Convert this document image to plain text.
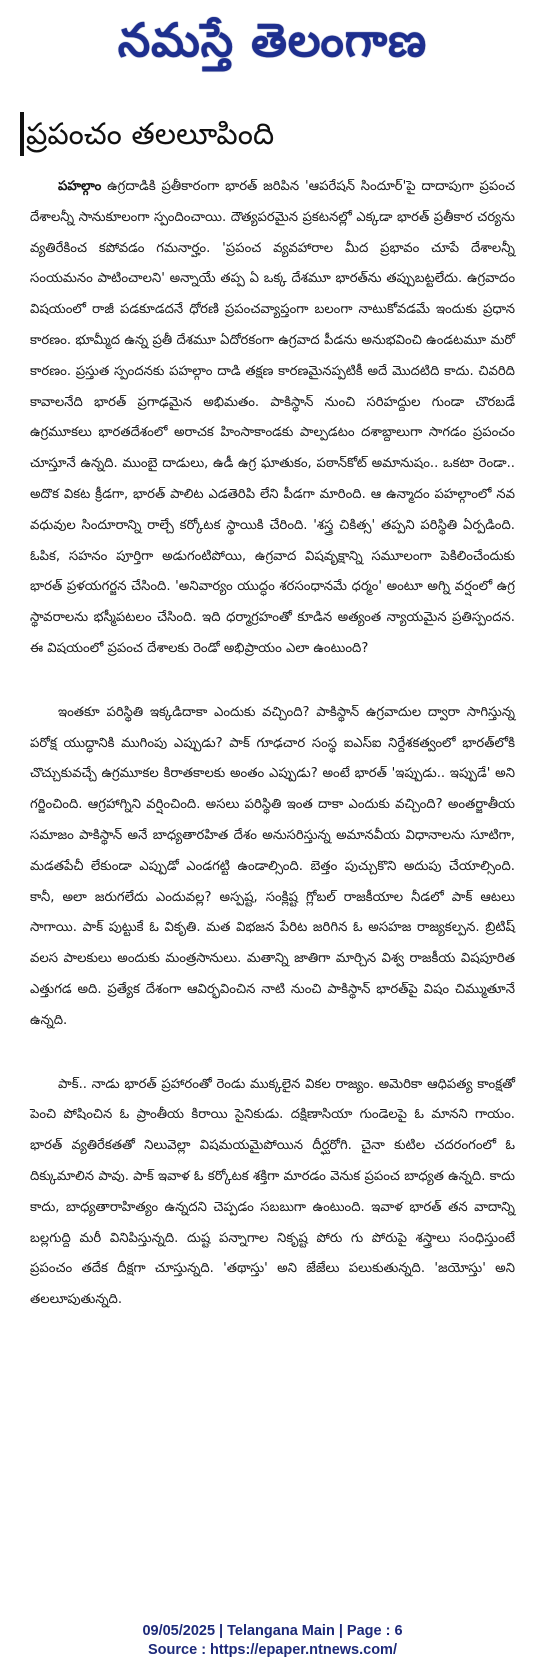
నమస్తే తెలంగాణ
ప్రపంచం తలలూపింది

పహల్గాం ఉగ్రదాడికి ప్రతీకారంగా భారత్ జరిపిన 'ఆపరేషన్ సిందూర్'పై దాదాపుగా ప్రపంచ దేశాలన్నీ సానుకూలంగా స్పందించాయి. దౌత్యపరమైన ప్రకటనల్లో ఎక్కడా భారత్ ప్రతీకార చర్యను వ్యతిరేకించ కపోవడం గమనార్హం. 'ప్రపంచ వ్యవహారాల మీద ప్రభావం చూపే దేశాలన్నీ సంయమనం పాటించాలని' అన్నాయే తప్ప ఏ ఒక్క దేశమూ భారత్‌ను తప్పుబట్టలేదు. ఉగ్రవాదం విషయంలో రాజీ పడకూడదనే ధోరణి ప్రపంచవ్యాప్తంగా బలంగా నాటుకోవడమే ఇందుకు ప్రధాన కారణం. భూమ్మీద ఉన్న ప్రతీ దేశమూ ఏదోరకంగా ఉగ్రవాద పీడను అనుభవించి ఉండటమూ మరో కారణం. ప్రస్తుత స్పందనకు పహల్గాం దాడి తక్షణ కారణమైనప్పటికీ అదే మొదటిది కాదు. చివరిది కావాలనేది భారత్ ప్రగాఢమైన అభిమతం. పాకిస్థాన్ నుంచి సరిహద్దుల గుండా చొరబడే ఉగ్రమూకలు భారతదేశంలో అరాచక హింసాకాండకు పాల్పడటం దశాబ్దాలుగా సాగడం ప్రపంచం చూస్తూనే ఉన్నది. ముంబై దాడులు, ఉడీ ఉగ్ర ఘాతుకం, పఠాన్‌కోట్ అమానుషం.. ఒకటా రెండా.. అదొక వికట క్రీడగా, భారత్ పాలిట ఎడతెరిపి లేని పీడగా మారింది. ఆ ఉన్మాదం పహల్గాంలో నవ వధువుల సిందూరాన్ని రాల్చే కర్కోటక స్థాయికి చేరింది. 'శస్త్ర చికిత్స' తప్పని పరిస్థితి ఏర్పడింది. ఓపిక, సహనం పూర్తిగా అడుగంటిపోయి, ఉగ్రవాద విషవృక్షాన్ని సమూలంగా పెకిలించేందుకు భారత్ ప్రళయగర్జన చేసింది. 'అనివార్యం యుద్ధం శరసంధానమే ధర్మం' అంటూ అగ్ని వర్షంలో ఉగ్ర స్థావరాలను భస్మీపటలం చేసింది. ఇది ధర్మాగ్రహంతో కూడిన అత్యంత న్యాయమైన ప్రతిస్పందన. ఈ విషయంలో ప్రపంచ దేశాలకు రెండో అభిప్రాయం ఎలా ఉంటుంది?

ఇంతకూ పరిస్థితి ఇక్కడిదాకా ఎందుకు వచ్చింది? పాకిస్థాన్ ఉగ్రవాదుల ద్వారా సాగిస్తున్న పరోక్ష యుద్ధానికి ముగింపు ఎప్పుడు? పాక్ గూఢచార సంస్థ ఐఎస్ఐ నిర్దేశకత్వంలో భారత్‌లోకి చొచ్చుకువచ్చే ఉగ్రమూకల కిరాతకాలకు అంతం ఎప్పుడు? అంటే భారత్ 'ఇప్పుడు.. ఇప్పుడే' అని గర్జించింది. ఆగ్రహాగ్నిని వర్షించింది. అసలు పరిస్థితి ఇంత దాకా ఎందుకు వచ్చింది? అంతర్జాతీయ సమాజం పాకిస్థాన్ అనే బాధ్యతారహిత దేశం అనుసరిస్తున్న అమానవీయ విధానాలను సూటిగా, మడతపేచీ లేకుండా ఎప్పుడో ఎండగట్టి ఉండాల్సింది. బెత్తం పుచ్చుకొని అదుపు చేయాల్సింది. కానీ, అలా జరుగలేదు ఎందువల్ల? అస్పష్ట, సంక్లిష్ట గ్లోబల్ రాజకీయాల నీడలో పాక్ ఆటలు సాగాయి. పాక్ పుట్టుకే ఓ వికృతి. మత విభజన పేరిట జరిగిన ఓ అసహజ రాజ్యకల్పన. బ్రిటిష్ వలస పాలకులు అందుకు మంత్రసానులు. మతాన్ని జాతిగా మార్చిన విశ్వ రాజకీయ విషపూరిత ఎత్తుగడ అది. ప్రత్యేక దేశంగా ఆవిర్భవించిన నాటి నుంచి పాకిస్థాన్ భారత్‌పై విషం చిమ్ముతూనే ఉన్నది.

పాక్.. నాడు భారత్ ప్రహారంతో రెండు ముక్కలైన వికల రాజ్యం. అమెరికా ఆధిపత్య కాంక్షతో పెంచి పోషించిన ఓ ప్రాంతీయ కిరాయి సైనికుడు. దక్షిణాసియా గుండెలపై ఓ మానని గాయం. భారత్ వ్యతిరేకతతో నిలువెల్లా విషమయమైపోయిన దీర్ఘరోగి. చైనా కుటిల చదరంగంలో ఓ దిక్కుమాలిన పావు. పాక్ ఇవాళ ఓ కర్కోటక శక్తిగా మారడం వెనుక ప్రపంచ బాధ్యత ఉన్నది. కాదు కాదు, బాధ్యతారాహిత్యం ఉన్నదని చెప్పడం సబబుగా ఉంటుంది. ఇవాళ భారత్ తన వాదాన్ని బల్లగుద్ది మరీ వినిపిస్తున్నది. దుష్ట పన్నాగాల నికృష్ట పోరు గు పోరుపై శస్త్రాలు సంధిస్తుంటే ప్రపంచం తదేక దీక్షగా చూస్తున్నది. 'తథాస్తు' అని జేజేలు పలుకుతున్నది. 'జయోస్తు' అని తలలూపుతున్నది.

09/05/2025 | Telangana Main | Page : 6
Source : https://epaper.ntnews.com/
